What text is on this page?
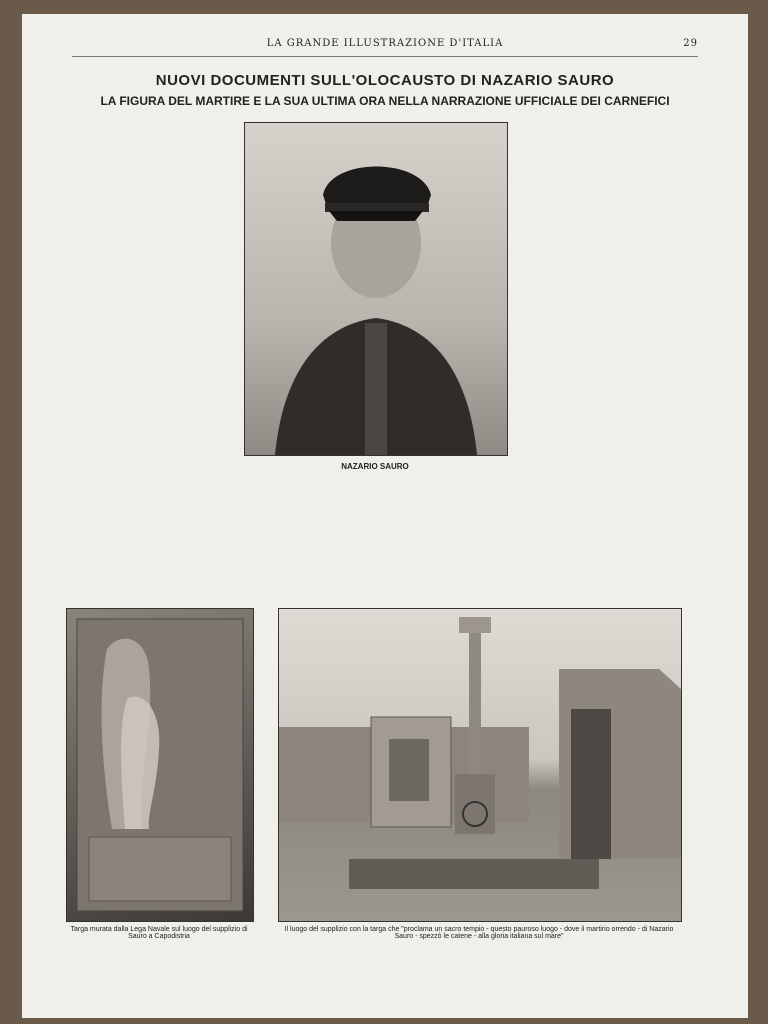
LA GRANDE ILLUSTRAZIONE D'ITALIA	29
NUOVI DOCUMENTI SULL'OLOCAUSTO DI NAZARIO SAURO
LA FIGURA DEL MARTIRE E LA SUA ULTIMA ORA NELLA NARRAZIONE UFFICIALE DEI CARNEFICI
NAZARIO SAURO
Targa murata dalla Lega Navale sul luogo del supplizio di Sauro a Capodistria
Il luogo del supplizio con la targa che "proclama un sacro tempio - questo pauroso luogo - dove il martirio orrendo - di Nazario Sauro - spezzò le catene - alla gloria italiana sul mare"
